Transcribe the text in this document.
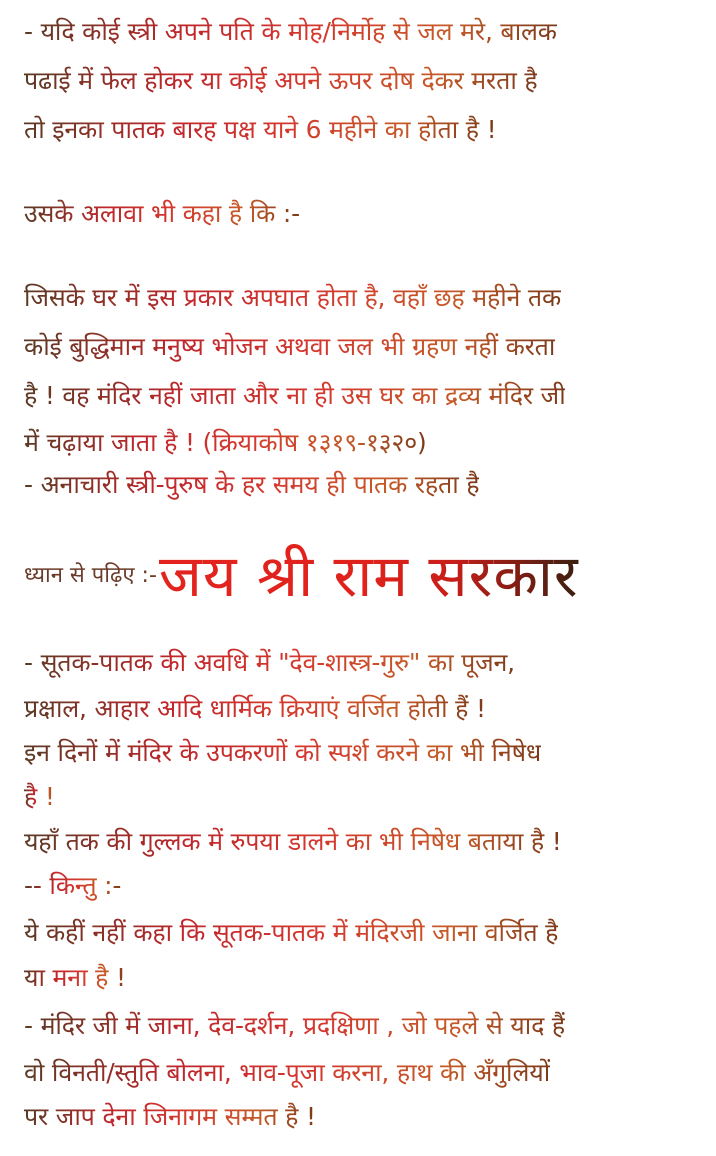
- यदि कोई स्त्री अपने पति के मोह/निर्मोह से जल मरे, बालक
पढाई में फेल होकर या कोई अपने ऊपर दोष देकर मरता है
तो इनका पातक बारह पक्ष याने 6 महीने का होता है !
उसके अलावा भी कहा है कि :-
जिसके घर में इस प्रकार अपघात होता है, वहाँ छह महीने तक
कोई बुद्धिमान मनुष्य भोजन अथवा जल भी ग्रहण नहीं करता
है ! वह मंदिर नहीं जाता और ना ही उस घर का द्रव्य मंदिर जी
में चढ़ाया जाता है ! (क्रियाकोष १३१९-१३२०)
- अनाचारी स्त्री-पुरुष के हर समय ही पातक रहता है
ध्यान से पढ़िए :-जय श्री राम सरकार
- सूतक-पातक की अवधि में "देव-शास्त्र-गुरु" का पूजन,
प्रक्षाल, आहार आदि धार्मिक क्रियाएं वर्जित होती हैं !
इन दिनों में मंदिर के उपकरणों को स्पर्श करने का भी निषेध
है !
यहाँ तक की गुल्लक में रुपया डालने का भी निषेध बताया है !
-- किन्तु :-
ये कहीं नहीं कहा कि सूतक-पातक में मंदिरजी जाना वर्जित है
या मना है !
- मंदिर जी में जाना, देव-दर्शन, प्रदक्षिणा , जो पहले से याद हैं
वो विनती/स्तुति बोलना, भाव-पूजा करना, हाथ की अँगुलियों
पर जाप देना जिनागम सम्मत है !
